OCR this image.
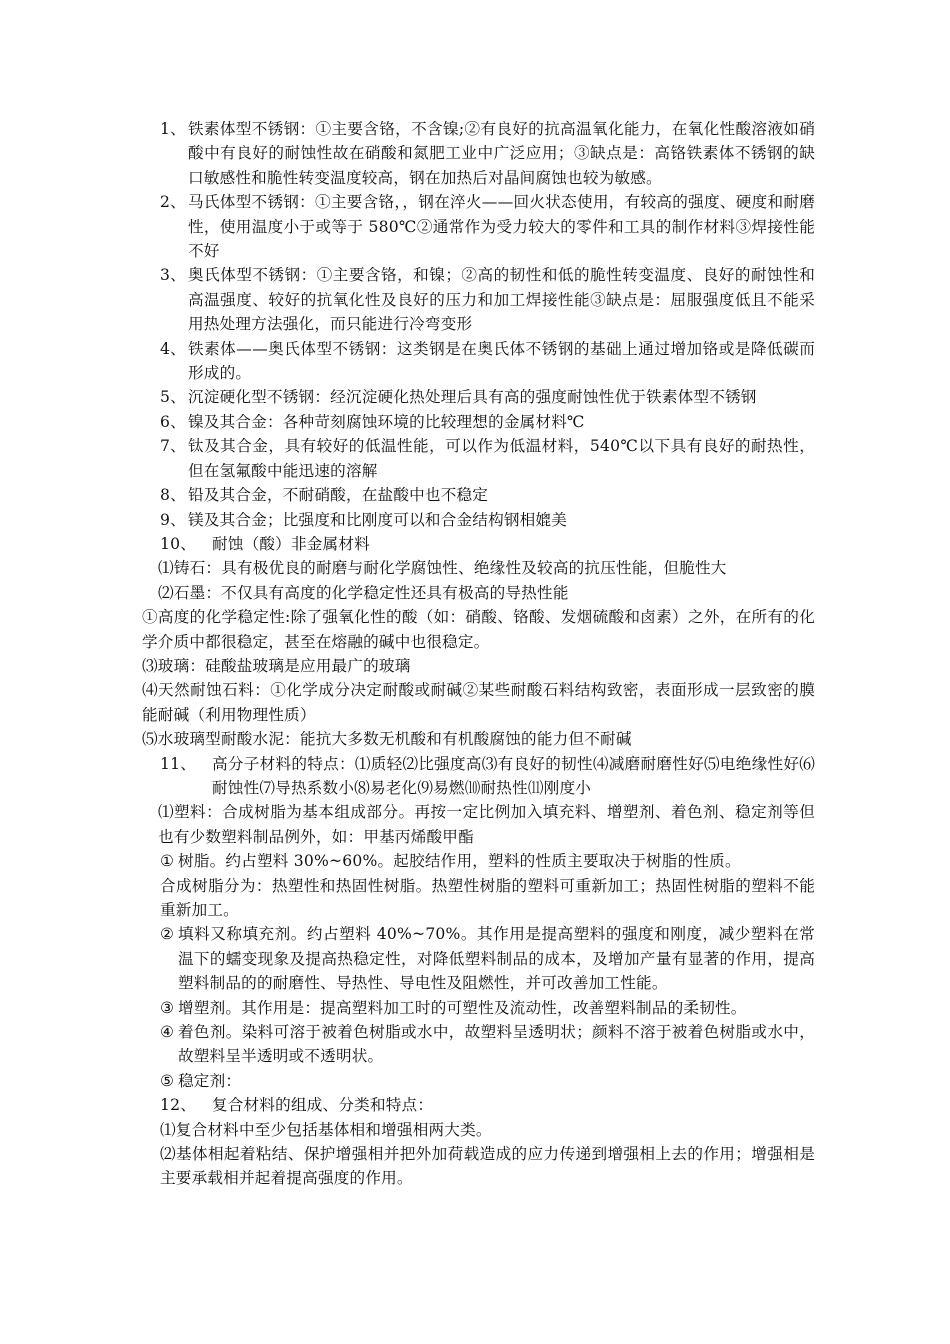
1、 铁素体型不锈钢：①主要含铬，不含镍;②有良好的抗高温氧化能力，在氧化性酸溶液如硝酸中有良好的耐蚀性故在硝酸和氮肥工业中广泛应用；③缺点是：高铬铁素体不锈钢的缺口敏感性和脆性转变温度较高，钢在加热后对晶间腐蚀也较为敏感。
2、 马氏体型不锈钢：①主要含铬，，钢在淬火——回火状态使用，有较高的强度、硬度和耐磨性，使用温度小于或等于 580℃②通常作为受力较大的零件和工具的制作材料③焊接性能不好
3、 奥氏体型不锈钢：①主要含铬，和镍；②高的韧性和低的脆性转变温度、良好的耐蚀性和高温强度、较好的抗氧化性及良好的压力和加工焊接性能③缺点是：屈服强度低且不能采用热处理方法强化，而只能进行冷弯变形
4、 铁素体——奥氏体型不锈钢：这类钢是在奥氏体不锈钢的基础上通过增加铬或是降低碳而形成的。
5、 沉淀硬化型不锈钢：经沉淀硬化热处理后具有高的强度耐蚀性优于铁素体型不锈钢
6、 镍及其合金：各种苛刻腐蚀环境的比较理想的金属材料℃
7、 钛及其合金，具有较好的低温性能，可以作为低温材料，540℃以下具有良好的耐热性，但在氢氟酸中能迅速的溶解
8、 铅及其合金，不耐硝酸，在盐酸中也不稳定
9、 镁及其合金；比强度和比刚度可以和合金结构钢相媲美
10、	耐蚀（酸）非金属材料
⑴铸石：具有极优良的耐磨与耐化学腐蚀性、绝缘性及较高的抗压性能，但脆性大
⑵石墨：不仅具有高度的化学稳定性还具有极高的导热性能
①高度的化学稳定性:除了强氧化性的酸（如：硝酸、铬酸、发烟硫酸和卤素）之外，在所有的化学介质中都很稳定，甚至在熔融的碱中也很稳定。
⑶玻璃：硅酸盐玻璃是应用最广的玻璃
⑷天然耐蚀石料：①化学成分决定耐酸或耐碱②某些耐酸石料结构致密，表面形成一层致密的膜能耐碱（利用物理性质）
⑸水玻璃型耐酸水泥：能抗大多数无机酸和有机酸腐蚀的能力但不耐碱
11、	高分子材料的特点：⑴质轻⑵比强度高⑶有良好的韧性⑷减磨耐磨性好⑸电绝缘性好⑹耐蚀性⑺导热系数小⑻易老化⑼易燃⑽耐热性⑾刚度小
⑴塑料：合成树脂为基本组成部分。再按一定比例加入填充料、增塑剂、着色剂、稳定剂等但也有少数塑料制品例外，如：甲基丙烯酸甲酯
① 树脂。约占塑料 30%~60%。起胶结作用，塑料的性质主要取决于树脂的性质。
合成树脂分为：热塑性和热固性树脂。热塑性树脂的塑料可重新加工；热固性树脂的塑料不能重新加工。
② 填料又称填充剂。约占塑料 40%~70%。其作用是提高塑料的强度和刚度，减少塑料在常温下的蠕变现象及提高热稳定性，对降低塑料制品的成本，及增加产量有显著的作用，提高塑料制品的的耐磨性、导热性、导电性及阻燃性，并可改善加工性能。
③ 增塑剂。其作用是：提高塑料加工时的可塑性及流动性，改善塑料制品的柔韧性。
④ 着色剂。染料可溶于被着色树脂或水中，故塑料呈透明状；颜料不溶于被着色树脂或水中，故塑料呈半透明或不透明状。
⑤ 稳定剂：
12、	复合材料的组成、分类和特点：
⑴复合材料中至少包括基体相和增强相两大类。
⑵基体相起着粘结、保护增强相并把外加荷载造成的应力传递到增强相上去的作用；增强相是主要承载相并起着提高强度的作用。
